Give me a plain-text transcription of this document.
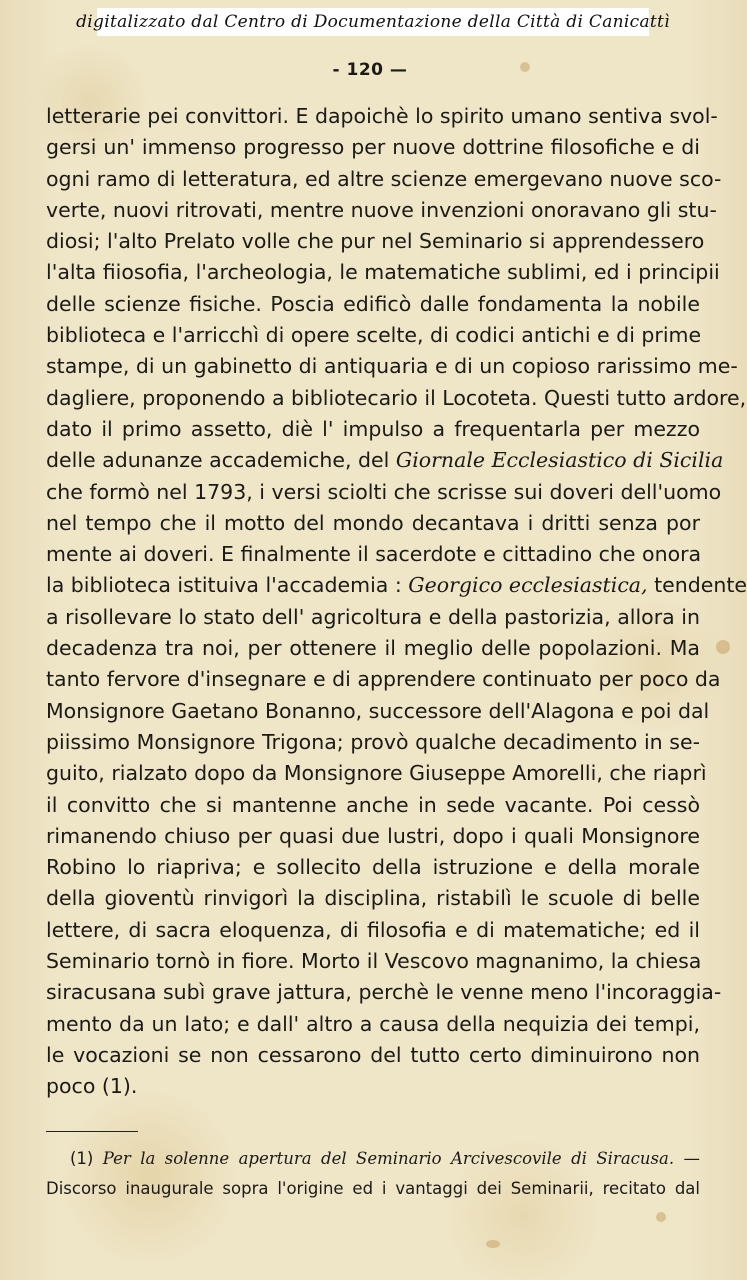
digitalizzato dal Centro di Documentazione della Città di Canicattì
- 120 —
letterarie pei convittori. E dapoichè lo spirito umano sentiva svol-
gersi un' immenso progresso per nuove dottrine filosofiche e di
ogni ramo di letteratura, ed altre scienze emergevano nuove sco-
verte, nuovi ritrovati, mentre nuove invenzioni onoravano gli stu-
diosi; l'alto Prelato volle che pur nel Seminario si apprendessero
l'alta fiiosofia, l'archeologia, le matematiche sublimi, ed i principii
delle scienze fisiche. Poscia edificò dalle fondamenta la nobile
biblioteca e l'arricchì di opere scelte, di codici antichi e di prime
stampe, di un gabinetto di antiquaria e di un copioso rarissimo me-
dagliere, proponendo a bibliotecario il Locoteta. Questi tutto ardore,
dato il primo assetto, diè l' impulso a frequentarla per mezzo
delle adunanze accademiche, del Giornale Ecclesiastico di Sicilia
che formò nel 1793, i versi sciolti che scrisse sui doveri dell'uomo
nel tempo che il motto del mondo decantava i dritti senza por
mente ai doveri. E finalmente il sacerdote e cittadino che onora
la biblioteca istituiva l'accademia : Georgico ecclesiastica, tendente
a risollevare lo stato dell' agricoltura e della pastorizia, allora in
decadenza tra noi, per ottenere il meglio delle popolazioni. Ma
tanto fervore d'insegnare e di apprendere continuato per poco da
Monsignore Gaetano Bonanno, successore dell'Alagona e poi dal
piissimo Monsignore Trigona; provò qualche decadimento in se-
guito, rialzato dopo da Monsignore Giuseppe Amorelli, che riaprì
il convitto che si mantenne anche in sede vacante. Poi cessò
rimanendo chiuso per quasi due lustri, dopo i quali Monsignore
Robino lo riapriva; e sollecito della istruzione e della morale
della gioventù rinvigorì la disciplina, ristabilì le scuole di belle
lettere, di sacra eloquenza, di filosofia e di matematiche; ed il
Seminario tornò in fiore. Morto il Vescovo magnanimo, la chiesa
siracusana subì grave jattura, perchè le venne meno l'incoraggia-
mento da un lato; e dall' altro a causa della nequizia dei tempi,
le vocazioni se non cessarono del tutto certo diminuirono non
poco (1).
(1) Per la solenne apertura del Seminario Arcivescovile di Siracusa. —
Discorso inaugurale sopra l'origine ed i vantaggi dei Seminarii, recitato dal
